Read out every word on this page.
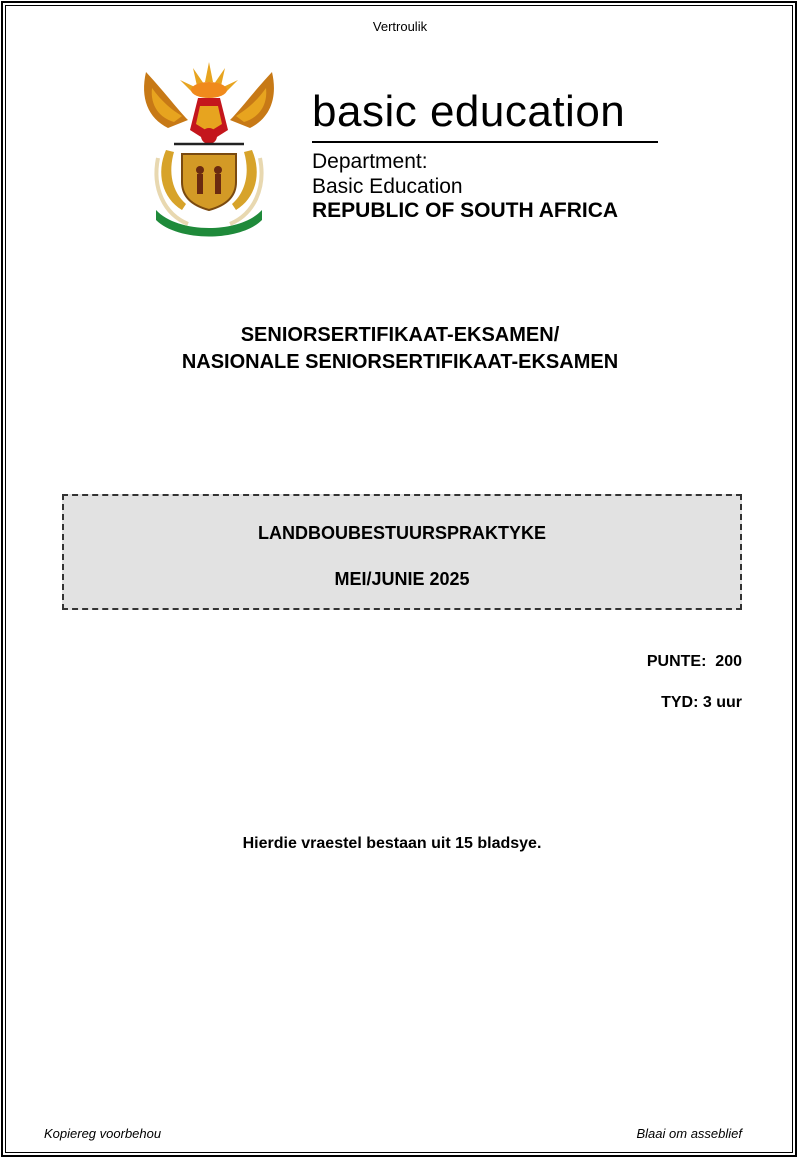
Vertroulik
basic education
Department:
Basic Education
REPUBLIC OF SOUTH AFRICA
SENIORSERTIFIKAAT-EKSAMEN/
NASIONALE SENIORSERTIFIKAAT-EKSAMEN
LANDBOUBESTUURSPRAKTYKE
MEI/JUNIE 2025
PUNTE:  200
TYD: 3 uur
Hierdie vraestel bestaan uit 15 bladsye.
Kopiereg voorbehou	Blaai om asseblief
